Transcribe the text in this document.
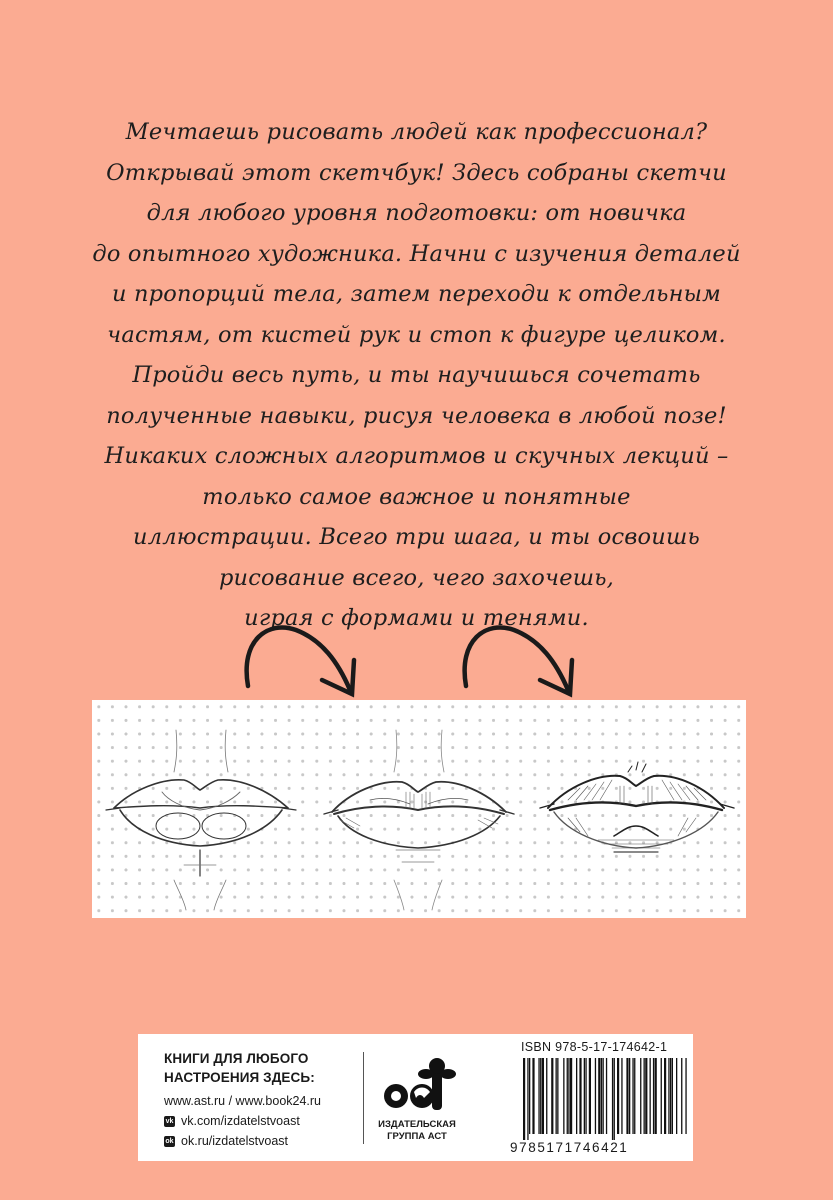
Мечтаешь рисовать людей как профессионал?
Открывай этот скетчбук! Здесь собраны скетчи
для любого уровня подготовки: от новичка
до опытного художника. Начни с изучения деталей
и пропорций тела, затем переходи к отдельным
частям, от кистей рук и стоп к фигуре целиком.
Пройди весь путь, и ты научишься сочетать
полученные навыки, рисуя человека в любой позе!
Никаких сложных алгоритмов и скучных лекций –
только самое важное и понятные
иллюстрации. Всего три шага, и ты освоишь
рисование всего, чего захочешь,
играя с формами и тенями.
КНИГИ ДЛЯ ЛЮБОГО
НАСТРОЕНИЯ ЗДЕСЬ:
www.ast.ru / www.book24.ru
vk vk.com/izdatelstvoast
ok ok.ru/izdatelstvoast
ИЗДАТЕЛЬСКАЯ
ГРУППА АСТ
ISBN 978-5-17-174642-1
9785171746421
